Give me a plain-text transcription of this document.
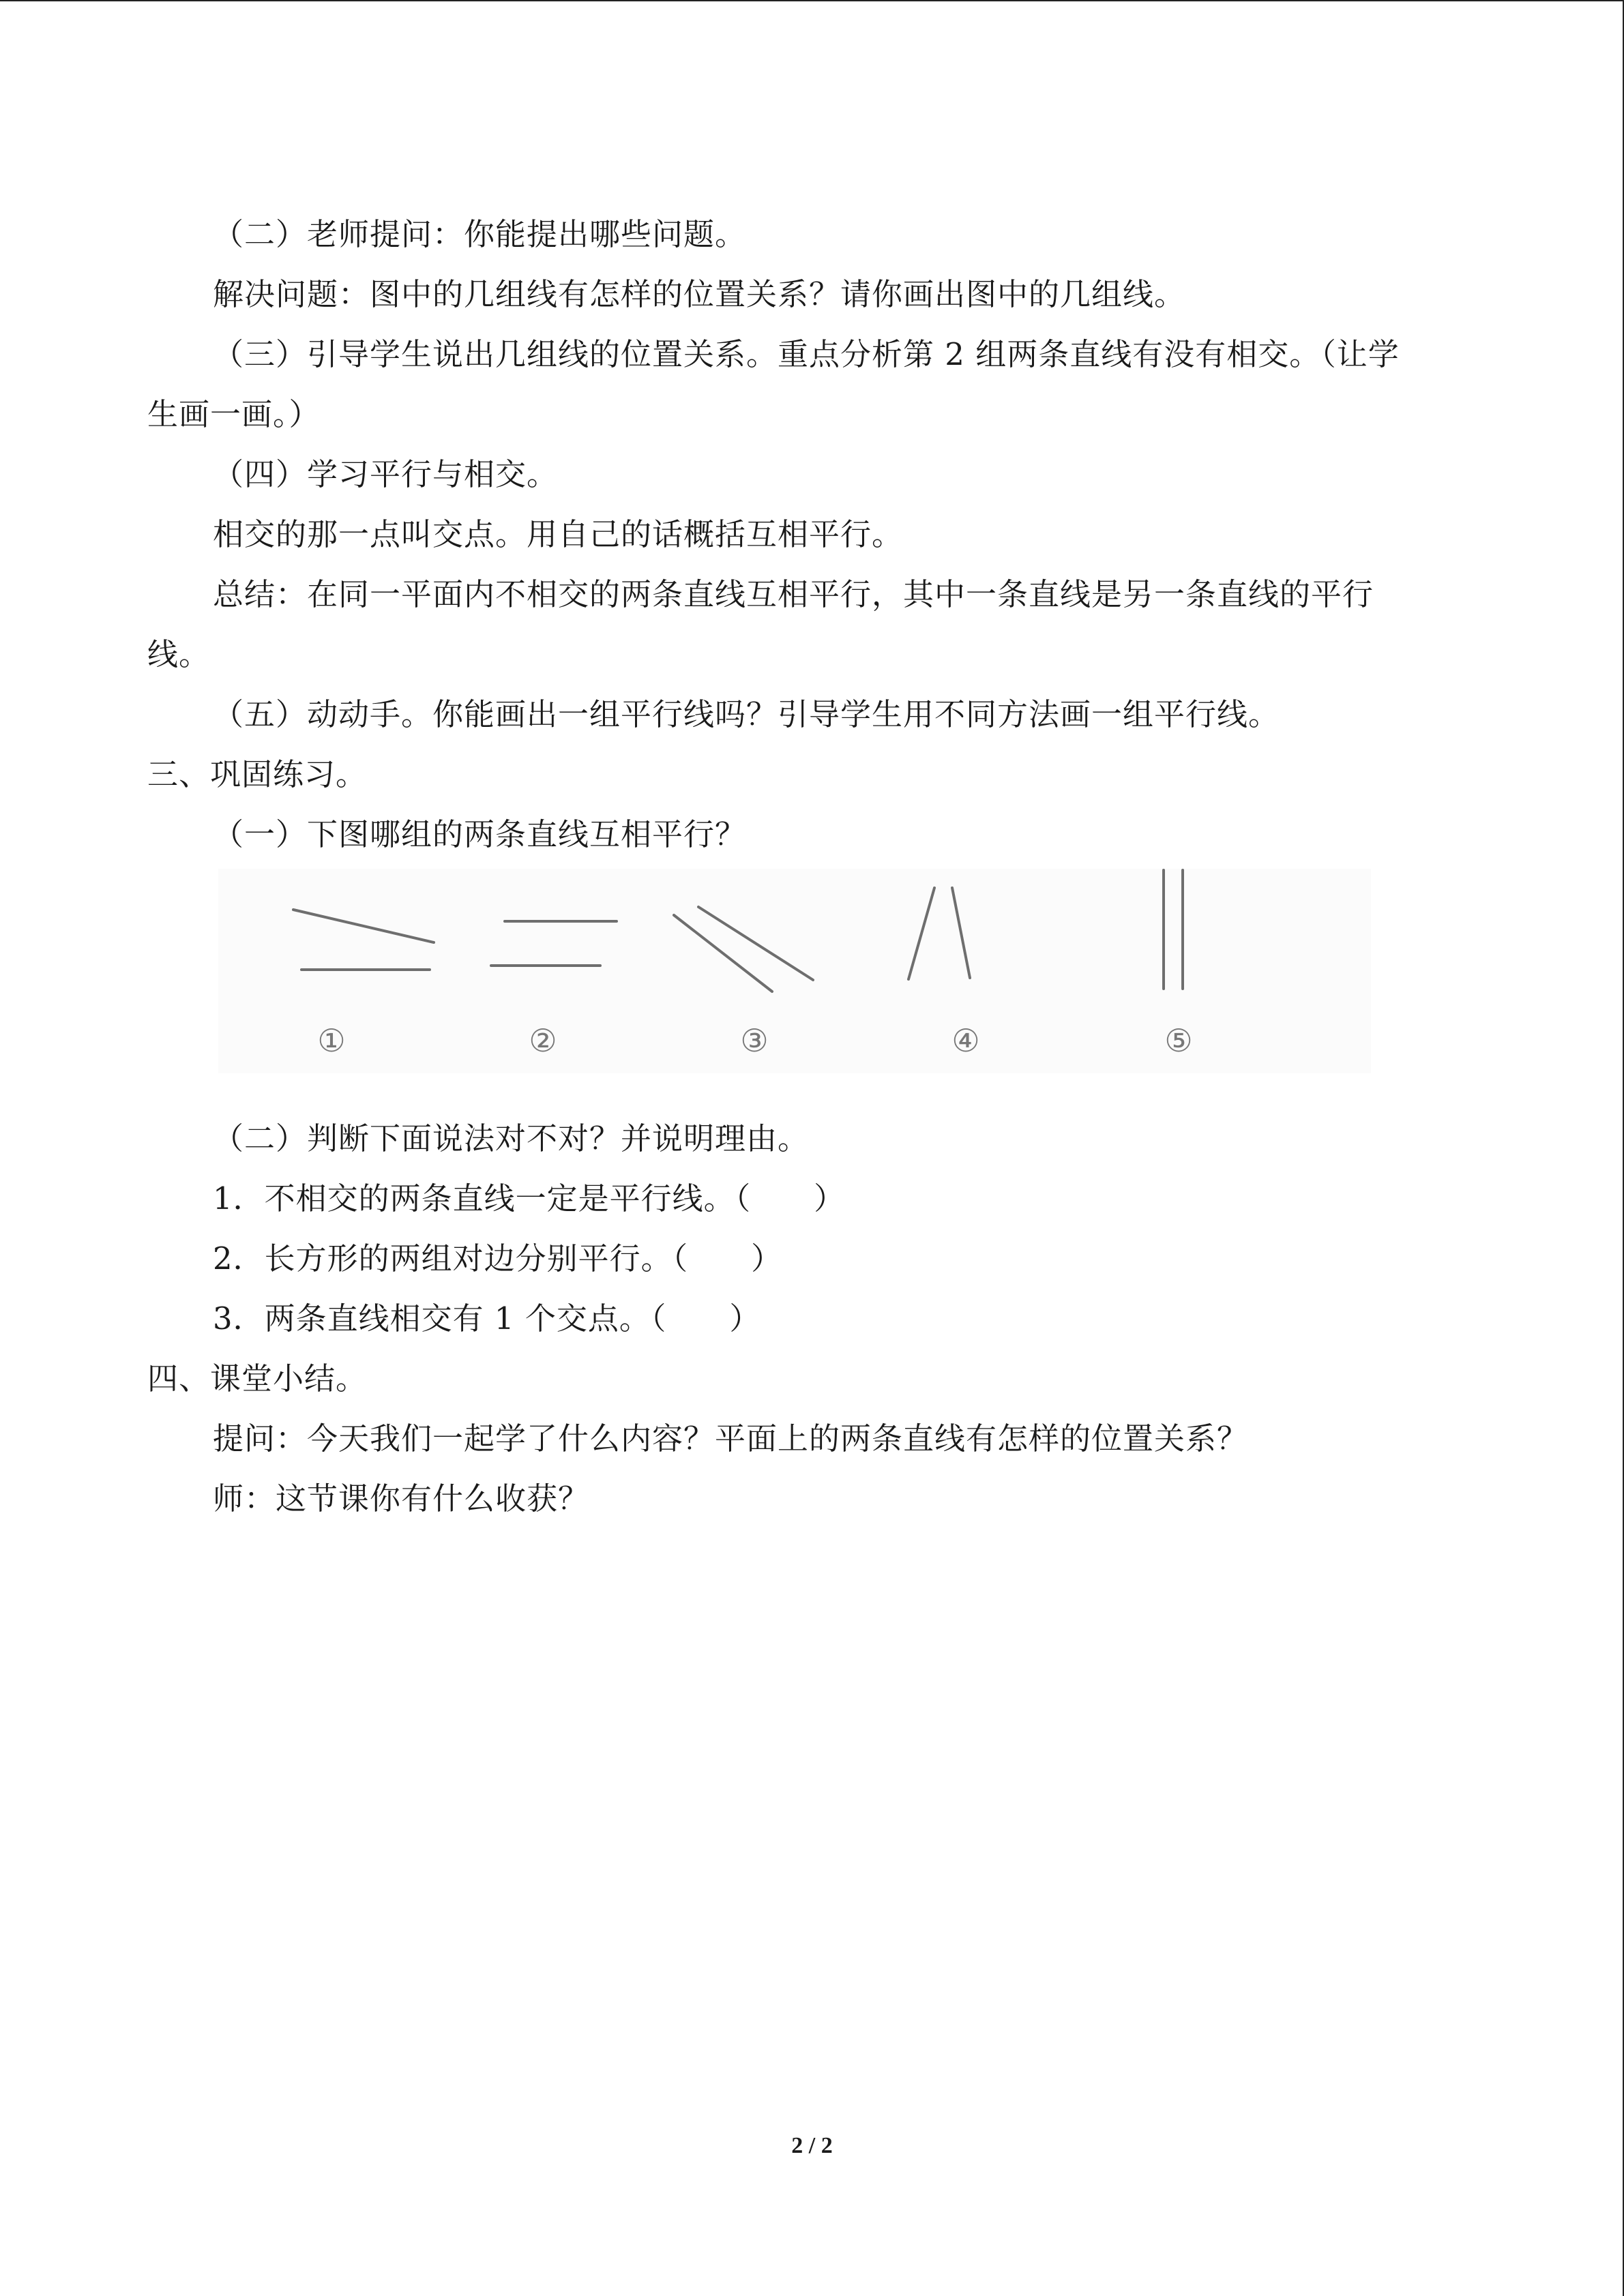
（二）老师提问：你能提出哪些问题。
解决问题：图中的几组线有怎样的位置关系？请你画出图中的几组线。
（三）引导学生说出几组线的位置关系。重点分析第 2 组两条直线有没有相交。（让学
生画一画。）
（四）学习平行与相交。
相交的那一点叫交点。用自己的话概括互相平行。
总结：在同一平面内不相交的两条直线互相平行，其中一条直线是另一条直线的平行
线。
（五）动动手。你能画出一组平行线吗？引导学生用不同方法画一组平行线。
三、巩固练习。
（一）下图哪组的两条直线互相平行？
①	②	③	④	⑤
（二）判断下面说法对不对？并说明理由。
1．不相交的两条直线一定是平行线。（　　）
2．长方形的两组对边分别平行。（　　）
3．两条直线相交有 1 个交点。（　　）
四、课堂小结。
提问：今天我们一起学了什么内容？平面上的两条直线有怎样的位置关系？
师：这节课你有什么收获？
2 / 2
